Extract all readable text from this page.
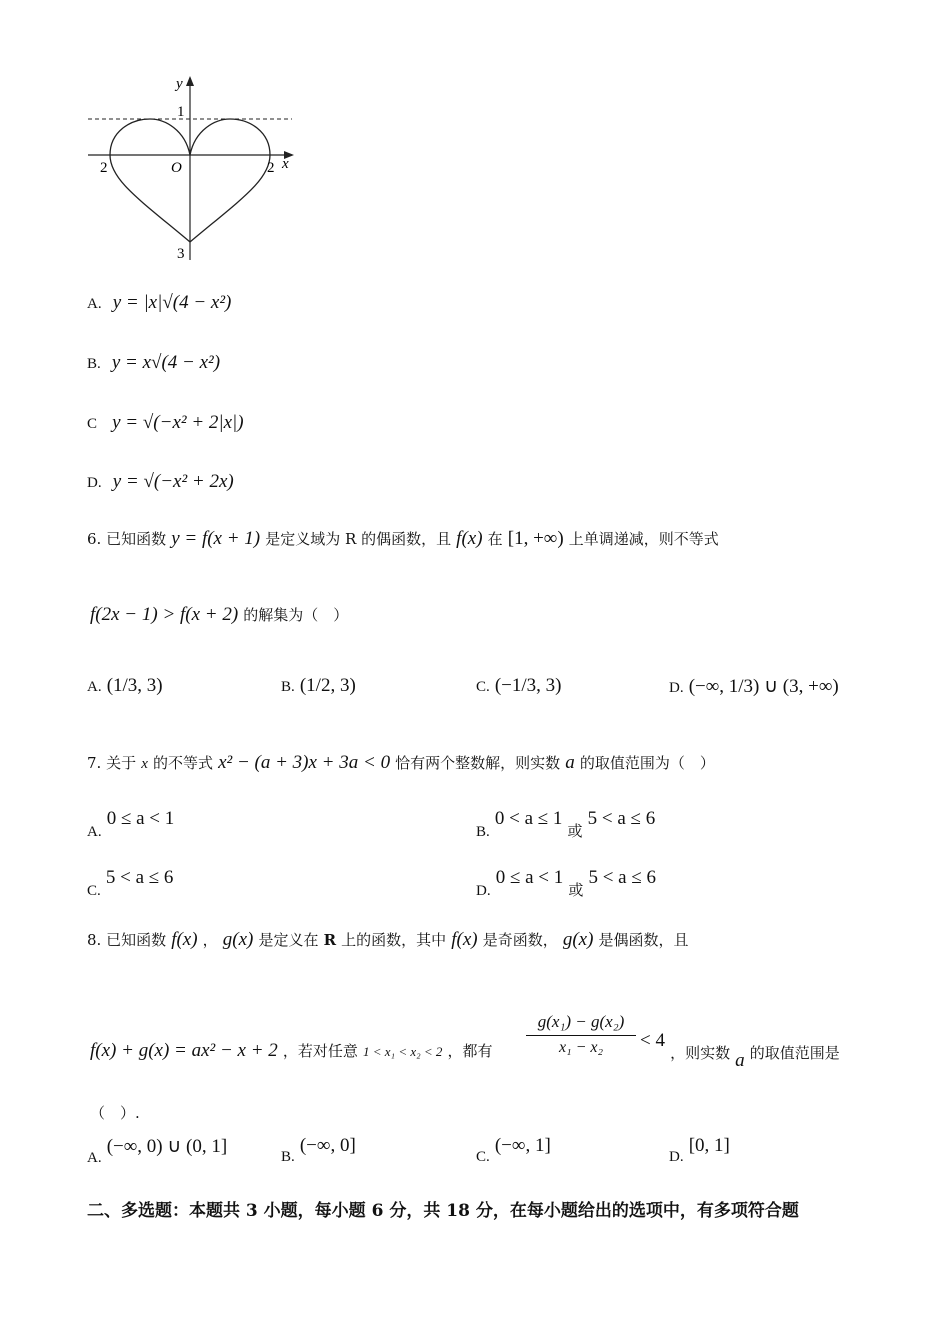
y
x
O
1
2	2
3
A. y = |x|√(4 − x²)
B. y = x√(4 − x²)
C y = √(−x² + 2|x|)
D. y = √(−x² + 2x)
6. 已知函数 y = f(x + 1) 是定义域为 R 的偶函数，且 f(x) 在 [1, +∞) 上单调递减，则不等式
f(2x − 1) > f(x + 2) 的解集为（　）
A. (1/3, 3)	B. (1/2, 3)	C. (−1/3, 3)	D. (−∞, 1/3) ∪ (3, +∞)
7. 关于 x 的不等式 x² − (a + 3)x + 3a < 0 恰有两个整数解，则实数 a 的取值范围为（　）
A. 0 ≤ a < 1
B. 0 < a ≤ 1 或 5 < a ≤ 6
C. 5 < a ≤ 6
D. 0 ≤ a < 1 或 5 < a ≤ 6
8. 已知函数 f(x) ， g(x) 是定义在 R 上的函数，其中 f(x) 是奇函数， g(x) 是偶函数，且
f(x) + g(x) = ax² − x + 2 ，若对任意 1 < x₁ < x₂ < 2 ，都有
g(x₁) − g(x₂)
x₁ − x₂	< 4 ，则实数 a 的取值范围是
（　）.
A. (−∞, 0) ∪ (0, 1]	B. (−∞, 0]
C. (−∞, 1]
D. [0, 1]
二、多选题：本题共 3 小题，每小题 6 分，共 18 分，在每小题给出的选项中，有多项符合题
